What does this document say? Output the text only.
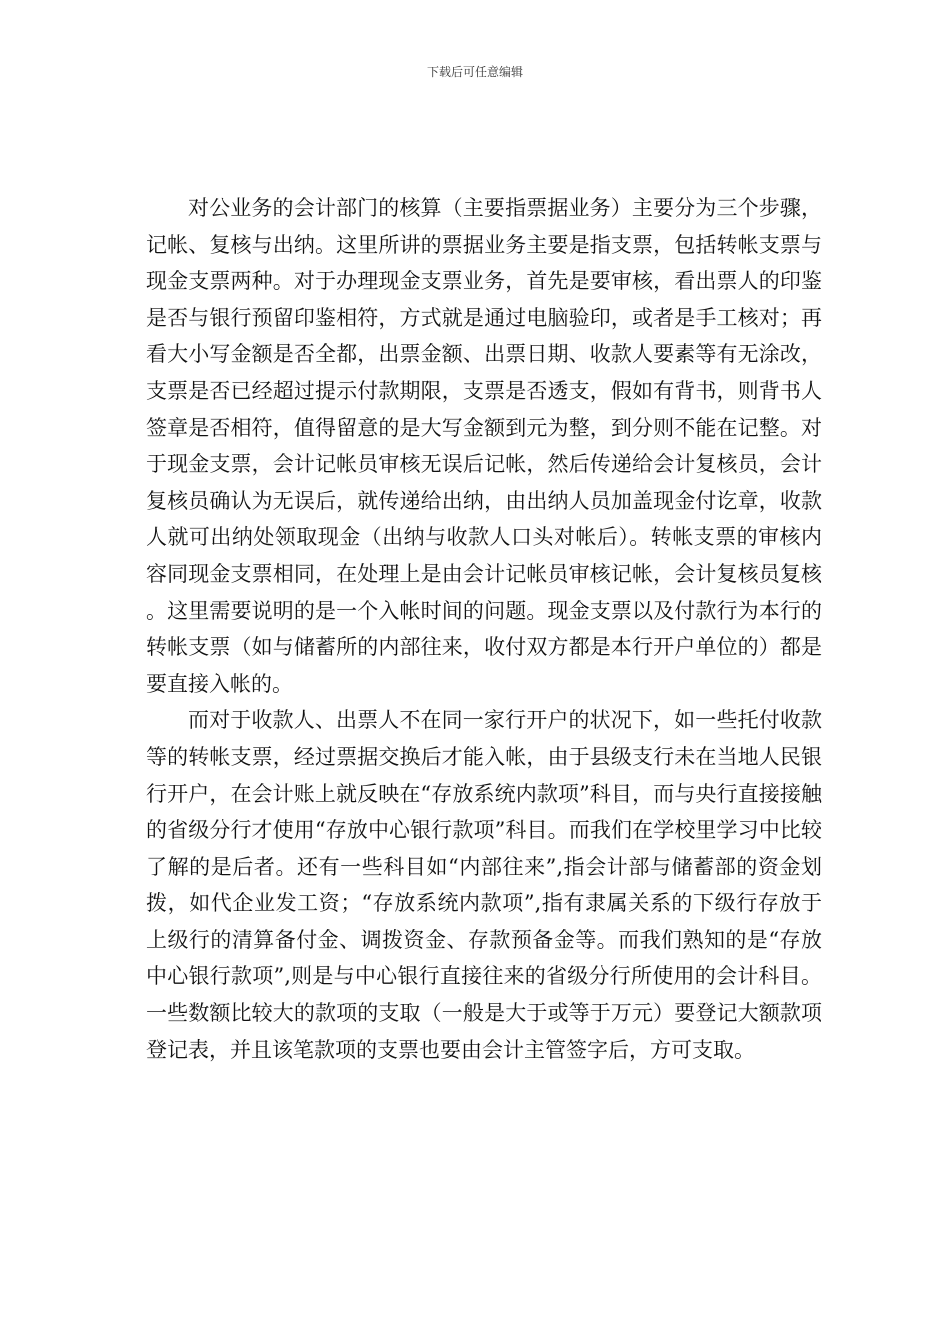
下载后可任意编辑

对公业务的会计部门的核算（主要指票据业务）主要分为三个步骤，记帐、复核与出纳。这里所讲的票据业务主要是指支票，包括转帐支票与现金支票两种。对于办理现金支票业务，首先是要审核，看出票人的印鉴是否与银行预留印鉴相符，方式就是通过电脑验印，或者是手工核对；再看大小写金额是否全都，出票金额、出票日期、收款人要素等有无涂改，支票是否已经超过提示付款期限，支票是否透支，假如有背书，则背书人签章是否相符，值得留意的是大写金额到元为整，到分则不能在记整。对于现金支票，会计记帐员审核无误后记帐，然后传递给会计复核员，会计复核员确认为无误后，就传递给出纳，由出纳人员加盖现金付讫章，收款人就可出纳处领取现金（出纳与收款人口头对帐后）。转帐支票的审核内容同现金支票相同，在处理上是由会计记帐员审核记帐，会计复核员复核。这里需要说明的是一个入帐时间的问题。现金支票以及付款行为本行的转帐支票（如与储蓄所的内部往来，收付双方都是本行开户单位的）都是要直接入帐的。

而对于收款人、出票人不在同一家行开户的状况下，如一些托付收款等的转帐支票，经过票据交换后才能入帐，由于县级支行未在当地人民银行开户，在会计账上就反映在“存放系统内款项”科目，而与央行直接接触的省级分行才使用“存放中心银行款项”科目。而我们在学校里学习中比较了解的是后者。还有一些科目如“内部往来”,指会计部与储蓄部的资金划拨，如代企业发工资；“存放系统内款项”,指有隶属关系的下级行存放于上级行的清算备付金、调拨资金、存款预备金等。而我们熟知的是“存放中心银行款项”,则是与中心银行直接往来的省级分行所使用的会计科目。一些数额比较大的款项的支取（一般是大于或等于万元）要登记大额款项登记表，并且该笔款项的支票也要由会计主管签字后，方可支取。
